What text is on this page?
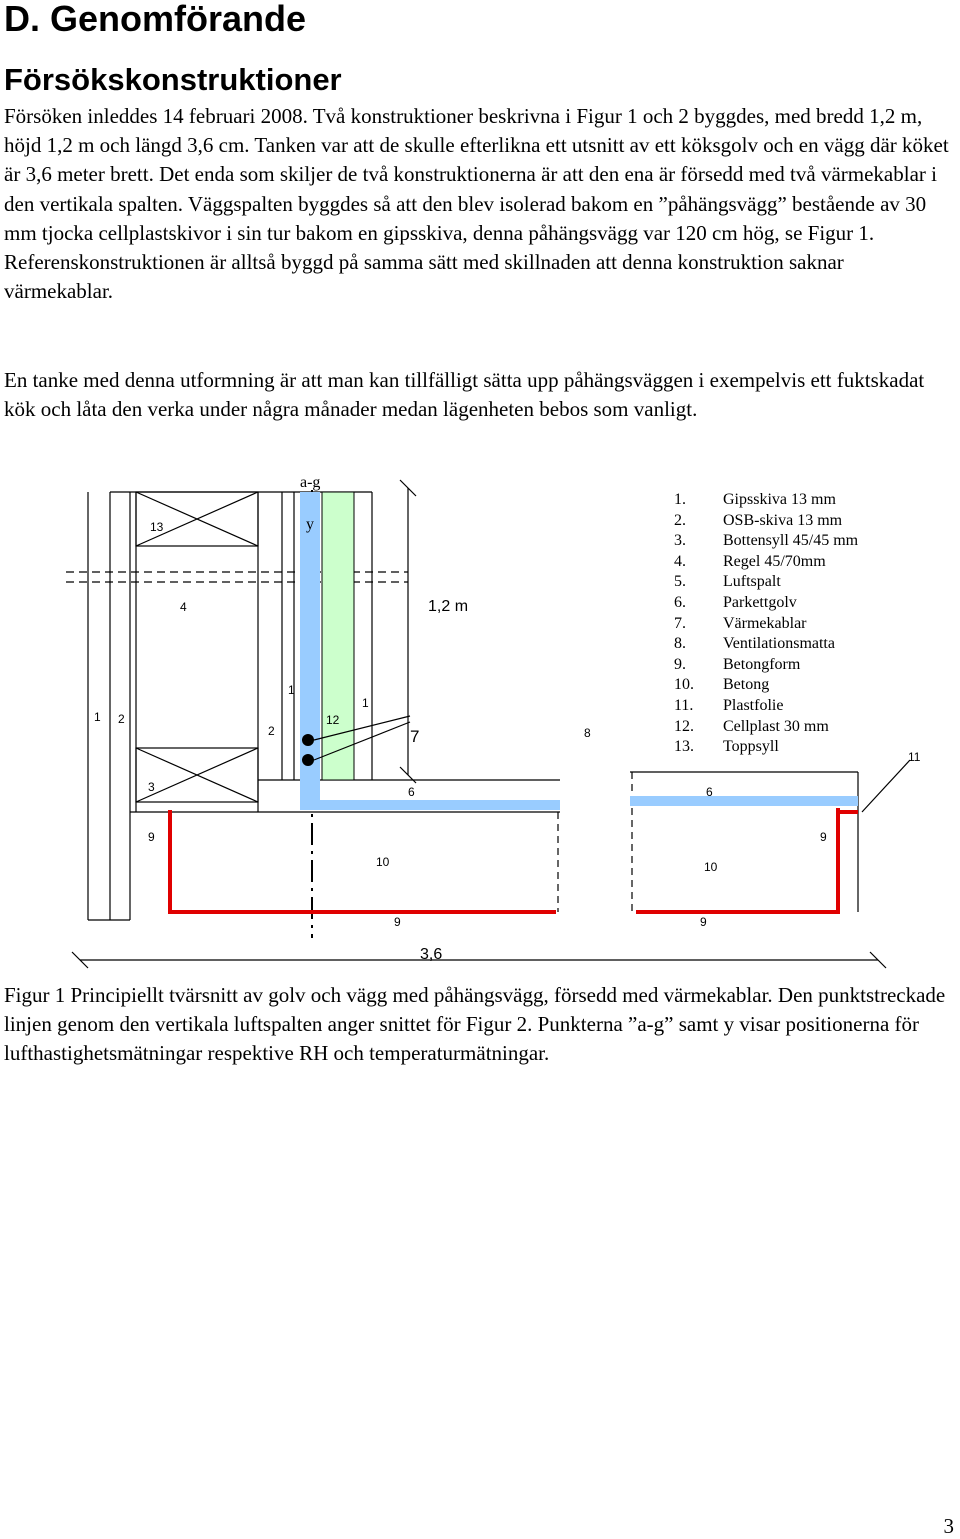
D. Genomförande
Försökskonstruktioner

Försöken inleddes 14 februari 2008. Två konstruktioner beskrivna i Figur 1 och 2 byggdes, med bredd 1,2 m, höjd 1,2 m och längd 3,6 cm. Tanken var att de skulle efterlikna ett utsnitt av ett köksgolv och en vägg där köket är 3,6 meter brett. Det enda som skiljer de två konstruktionerna är att den ena är försedd med två värmekablar i den vertikala spalten. Väggspalten byggdes så att den blev isolerad bakom en ”påhängsvägg” bestående av 30 mm tjocka cellplastskivor i sin tur bakom en gipsskiva, denna påhängsvägg var 120 cm hög, se Figur 1. Referenskonstruktionen är alltså byggd på samma sätt med skillnaden att denna konstruktion saknar värmekablar.

En tanke med denna utformning är att man kan tillfälligt sätta upp påhängsväggen i exempelvis ett fuktskadat kök och låta den verka under några månader medan lägenheten bebos som vanligt.

a-g
y
13
4
1
1 2
2
12
1
7	8
3	6	6
9	9
10	10
9	9
11
1,2 m
3,6
1.	Gipsskiva 13 mm
2.	OSB-skiva 13 mm
3.	Bottensyll 45/45 mm
4.	Regel 45/70mm
5.	Luftspalt
6.	Parkettgolv
7.	Värmekablar
8.	Ventilationsmatta
9.	Betongform
10.	Betong
11.	Plastfolie
12.	Cellplast 30 mm
13.	Toppsyll

Figur 1 Principiellt tvärsnitt av golv och vägg med påhängsvägg, försedd med värmekablar. Den punktstreckade linjen genom den vertikala luftspalten anger snittet för Figur 2. Punkterna ”a-g” samt y visar positionerna för lufthastighetsmätningar respektive RH och temperaturmätningar.

3
